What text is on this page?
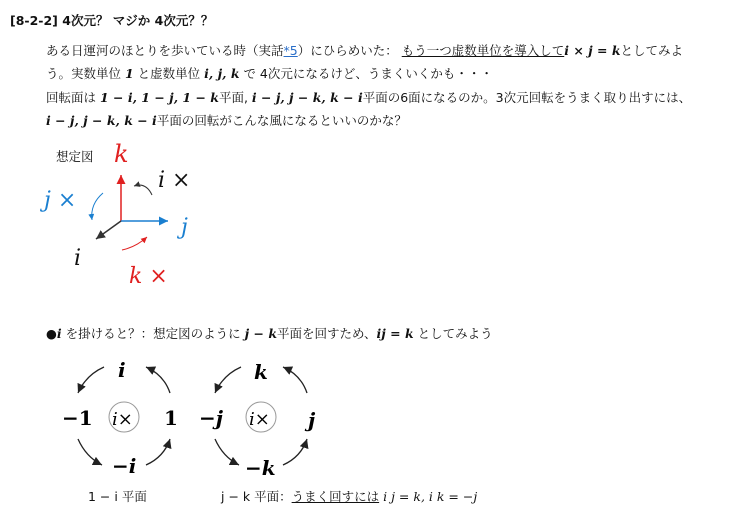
[8-2-2] 4次元？ マジか 4次元？？
ある日運河のほとりを歩いている時（実話*5）にひらめいた： もう一つ虚数単位を導入してi × j = kとしてみよ
う。実数単位 1 と虚数単位 i, j, k で 4次元になるけど、うまくいくかも・・・
回転面は 1 − i, 1 − j, 1 − k平面, i − j, j − k, k − i平面の6面になるのか。3次元回転をうまく取り出すには、
i − j, j − k, k − i平面の回転がこんな風になるといいのかな？
想定図 k
i ×
j ×
j
i
k ×
●i を掛けると？：想定図のように j − k平面を回すため、ij = k としてみよう
i
−1 i× 1
−i
k
−j i× j
−k
1 − i 平面	j − k 平面：うまく回すには i j = k, i k = −j
